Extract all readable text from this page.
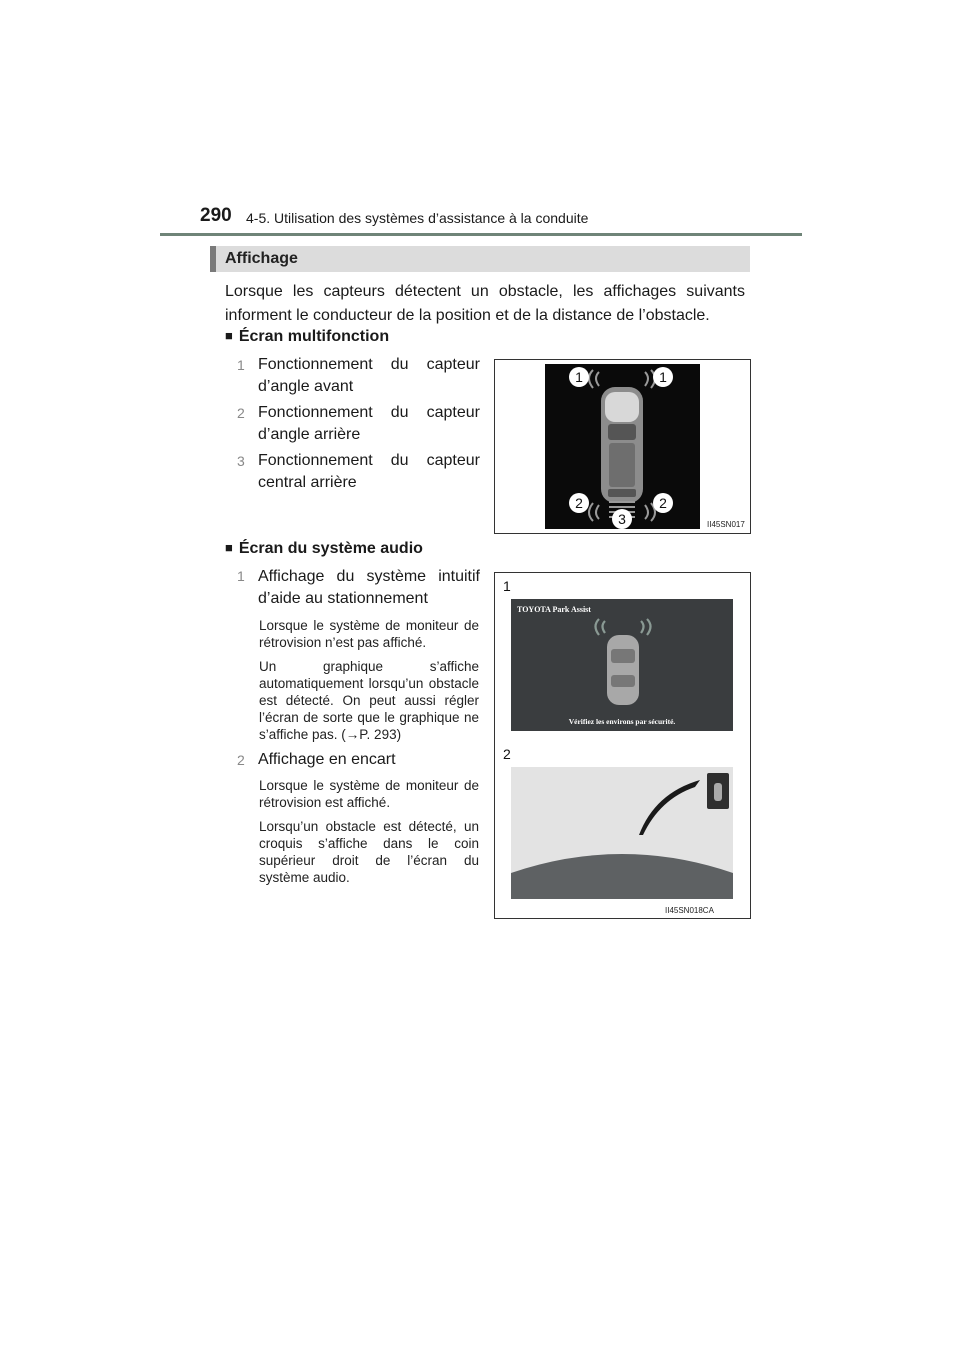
290 4-5. Utilisation des systèmes d’assistance à la conduite
Affichage
Lorsque les capteurs détectent un obstacle, les affichages suivants informent le conducteur de la position et de la distance de l’obstacle.
■ Écran multifonction
1 Fonctionnement du capteur d’angle avant
2 Fonctionnement du capteur d’angle arrière
3 Fonctionnement du capteur central arrière
1	1
2	2
3	II45SN017
■ Écran du système audio
1 Affichage du système intuitif d’aide au stationnement

Lorsque le système de moniteur de rétrovision n’est pas affiché.

Un graphique s’affiche automatiquement lorsqu’un obstacle est détecté. On peut aussi régler l’écran de sorte que le graphique ne s’affiche pas. (→P. 293)

2 Affichage en encart

Lorsque le système de moniteur de rétrovision est affiché.

Lorsqu’un obstacle est détecté, un croquis s’affiche dans le coin supérieur droit de l’écran du système audio.

1
2
TOYOTA Park Assist
Vérifiez les environs par sécurité.
II45SN018CA
